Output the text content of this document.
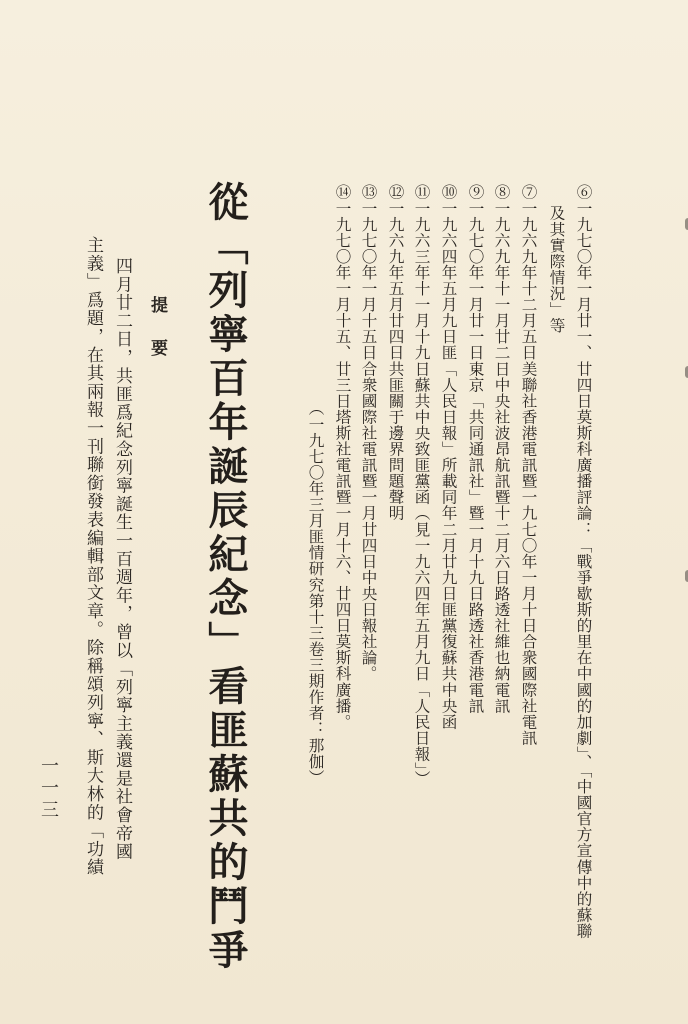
⑥一九七〇年一月廿一、廿四日莫斯科廣播評論：「戰爭歇斯的里在中國的加劇」、「中國官方宣傳中的蘇聯
及其實際情況」等
⑦一九六九年十二月五日美聯社香港電訊暨一九七〇年一月十日合衆國際社電訊
⑧一九六九年十一月廿二日中央社波昂航訊暨十二月六日路透社維也納電訊
⑨一九七〇年一月廿一日東京「共同通訊社」暨一月十九日路透社香港電訊
⑩一九六四年五月九日匪「人民日報」所載同年二月廿九日匪黨復蘇共中央函
⑪一九六三年十一月十九日蘇共中央致匪黨函（見一九六四年五月九日「人民日報」）
⑫一九六九年五月廿四日共匪關于邊界問題聲明
⑬一九七〇年一月十五日合衆國際社電訊暨一月廿四日中央日報社論。
⑭一九七〇年一月十五、廿三日塔斯社電訊暨一月十六、廿四日莫斯科廣播。
（一九七〇年三月匪情研究第十三卷三期作者：那伽）
從「列寧百年誕辰紀念」看匪蘇共的鬥爭
提要
四月廿二日，共匪爲紀念列寧誕生一百週年，曾以「列寧主義還是社會帝國
主義」爲題，在其兩報一刊聯銜發表編輯部文章。除稱頌列寧、斯大林的「功績
一一三
